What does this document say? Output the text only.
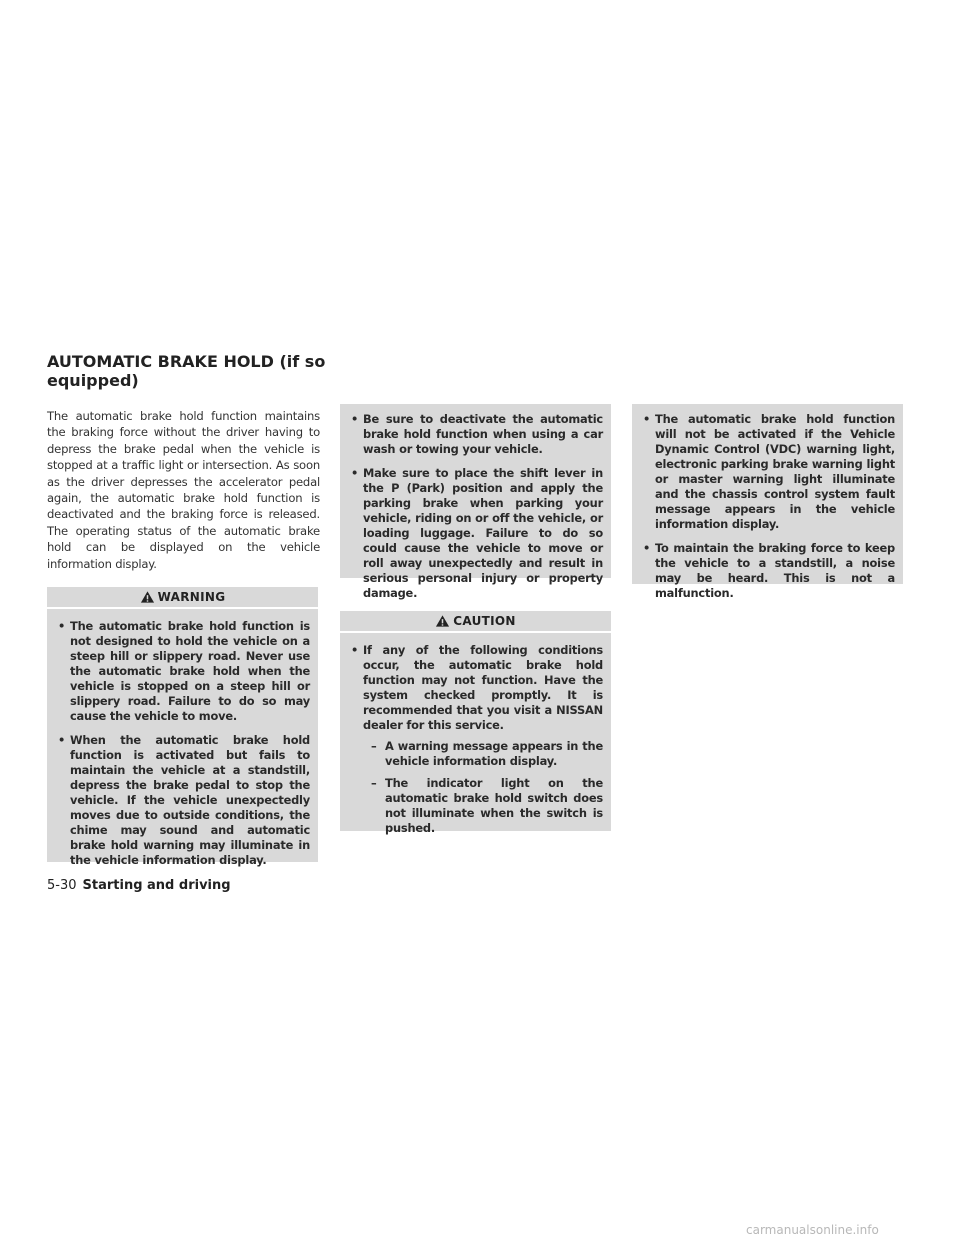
AUTOMATIC BRAKE HOLD (if so equipped)
The automatic brake hold function maintains the braking force without the driver having to depress the brake pedal when the vehicle is stopped at a traffic light or intersection. As soon as the driver depresses the accelerator pedal again, the automatic brake hold function is deactivated and the braking force is released. The operating status of the automatic brake hold can be displayed on the vehicle information display.
WARNING
• The automatic brake hold function is not designed to hold the vehicle on a steep hill or slippery road. Never use the automatic brake hold when the vehicle is stopped on a steep hill or slippery road. Failure to do so may cause the vehicle to move.
• When the automatic brake hold function is activated but fails to maintain the vehicle at a standstill, depress the brake pedal to stop the vehicle. If the vehicle unexpectedly moves due to outside conditions, the chime may sound and automatic brake hold warning may illuminate in the vehicle information display.
• Be sure to deactivate the automatic brake hold function when using a car wash or towing your vehicle.
• Make sure to place the shift lever in the P (Park) position and apply the parking brake when parking your vehicle, riding on or off the vehicle, or loading luggage. Failure to do so could cause the vehicle to move or roll away unexpectedly and result in serious personal injury or property damage.
CAUTION
• If any of the following conditions occur, the automatic brake hold function may not function. Have the system checked promptly. It is recommended that you visit a NISSAN dealer for this service.
– A warning message appears in the vehicle information display.
– The indicator light on the automatic brake hold switch does not illuminate when the switch is pushed.
• The automatic brake hold function will not be activated if the Vehicle Dynamic Control (VDC) warning light, electronic parking brake warning light or master warning light illuminate and the chassis control system fault message appears in the vehicle information display.
• To maintain the braking force to keep the vehicle to a standstill, a noise may be heard. This is not a malfunction.
5-30 Starting and driving
carmanualsonline.info
